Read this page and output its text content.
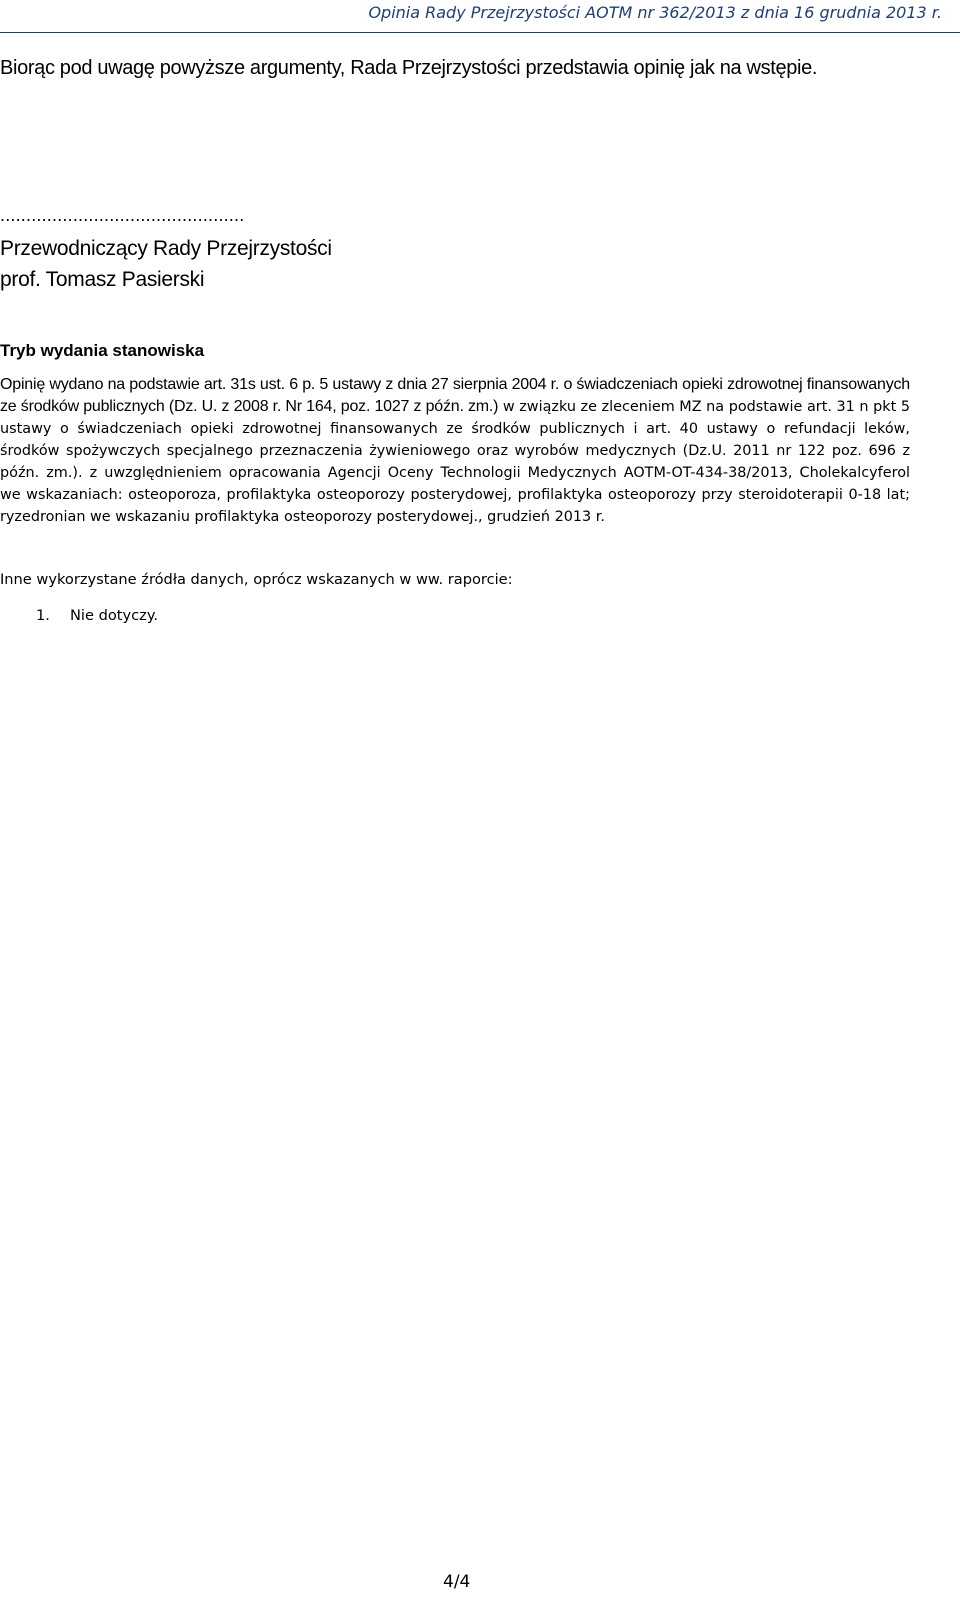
Opinia Rady Przejrzystości AOTM nr 362/2013 z dnia 16 grudnia 2013 r.

Biorąc pod uwagę powyższe argumenty, Rada Przejrzystości przedstawia opinię jak na wstępie.

...............................................

Przewodniczący Rady Przejrzystości

prof. Tomasz Pasierski

Tryb wydania stanowiska

Opinię wydano na podstawie art. 31s ust. 6 p. 5 ustawy z dnia 27 sierpnia 2004 r. o świadczeniach opieki zdrowotnej finansowanych ze środków publicznych (Dz. U. z 2008 r. Nr 164, poz. 1027 z późn. zm.) w związku ze zleceniem MZ na podstawie art. 31 n pkt 5 ustawy o świadczeniach opieki zdrowotnej finansowanych ze środków publicznych i art. 40 ustawy o refundacji leków, środków spożywczych specjalnego przeznaczenia żywieniowego oraz wyrobów medycznych (Dz.U. 2011 nr 122 poz. 696 z późn. zm.). z uwzględnieniem opracowania Agencji Oceny Technologii Medycznych AOTM-OT-434-38/2013, Cholekalcyferol we wskazaniach: osteoporoza, profilaktyka osteoporozy posterydowej, profilaktyka osteoporozy przy steroidoterapii 0-18 lat; ryzedronian we wskazaniu profilaktyka osteoporozy posterydowej., grudzień 2013 r.

Inne wykorzystane źródła danych, oprócz wskazanych w ww. raporcie:

1. Nie dotyczy.

4/4
